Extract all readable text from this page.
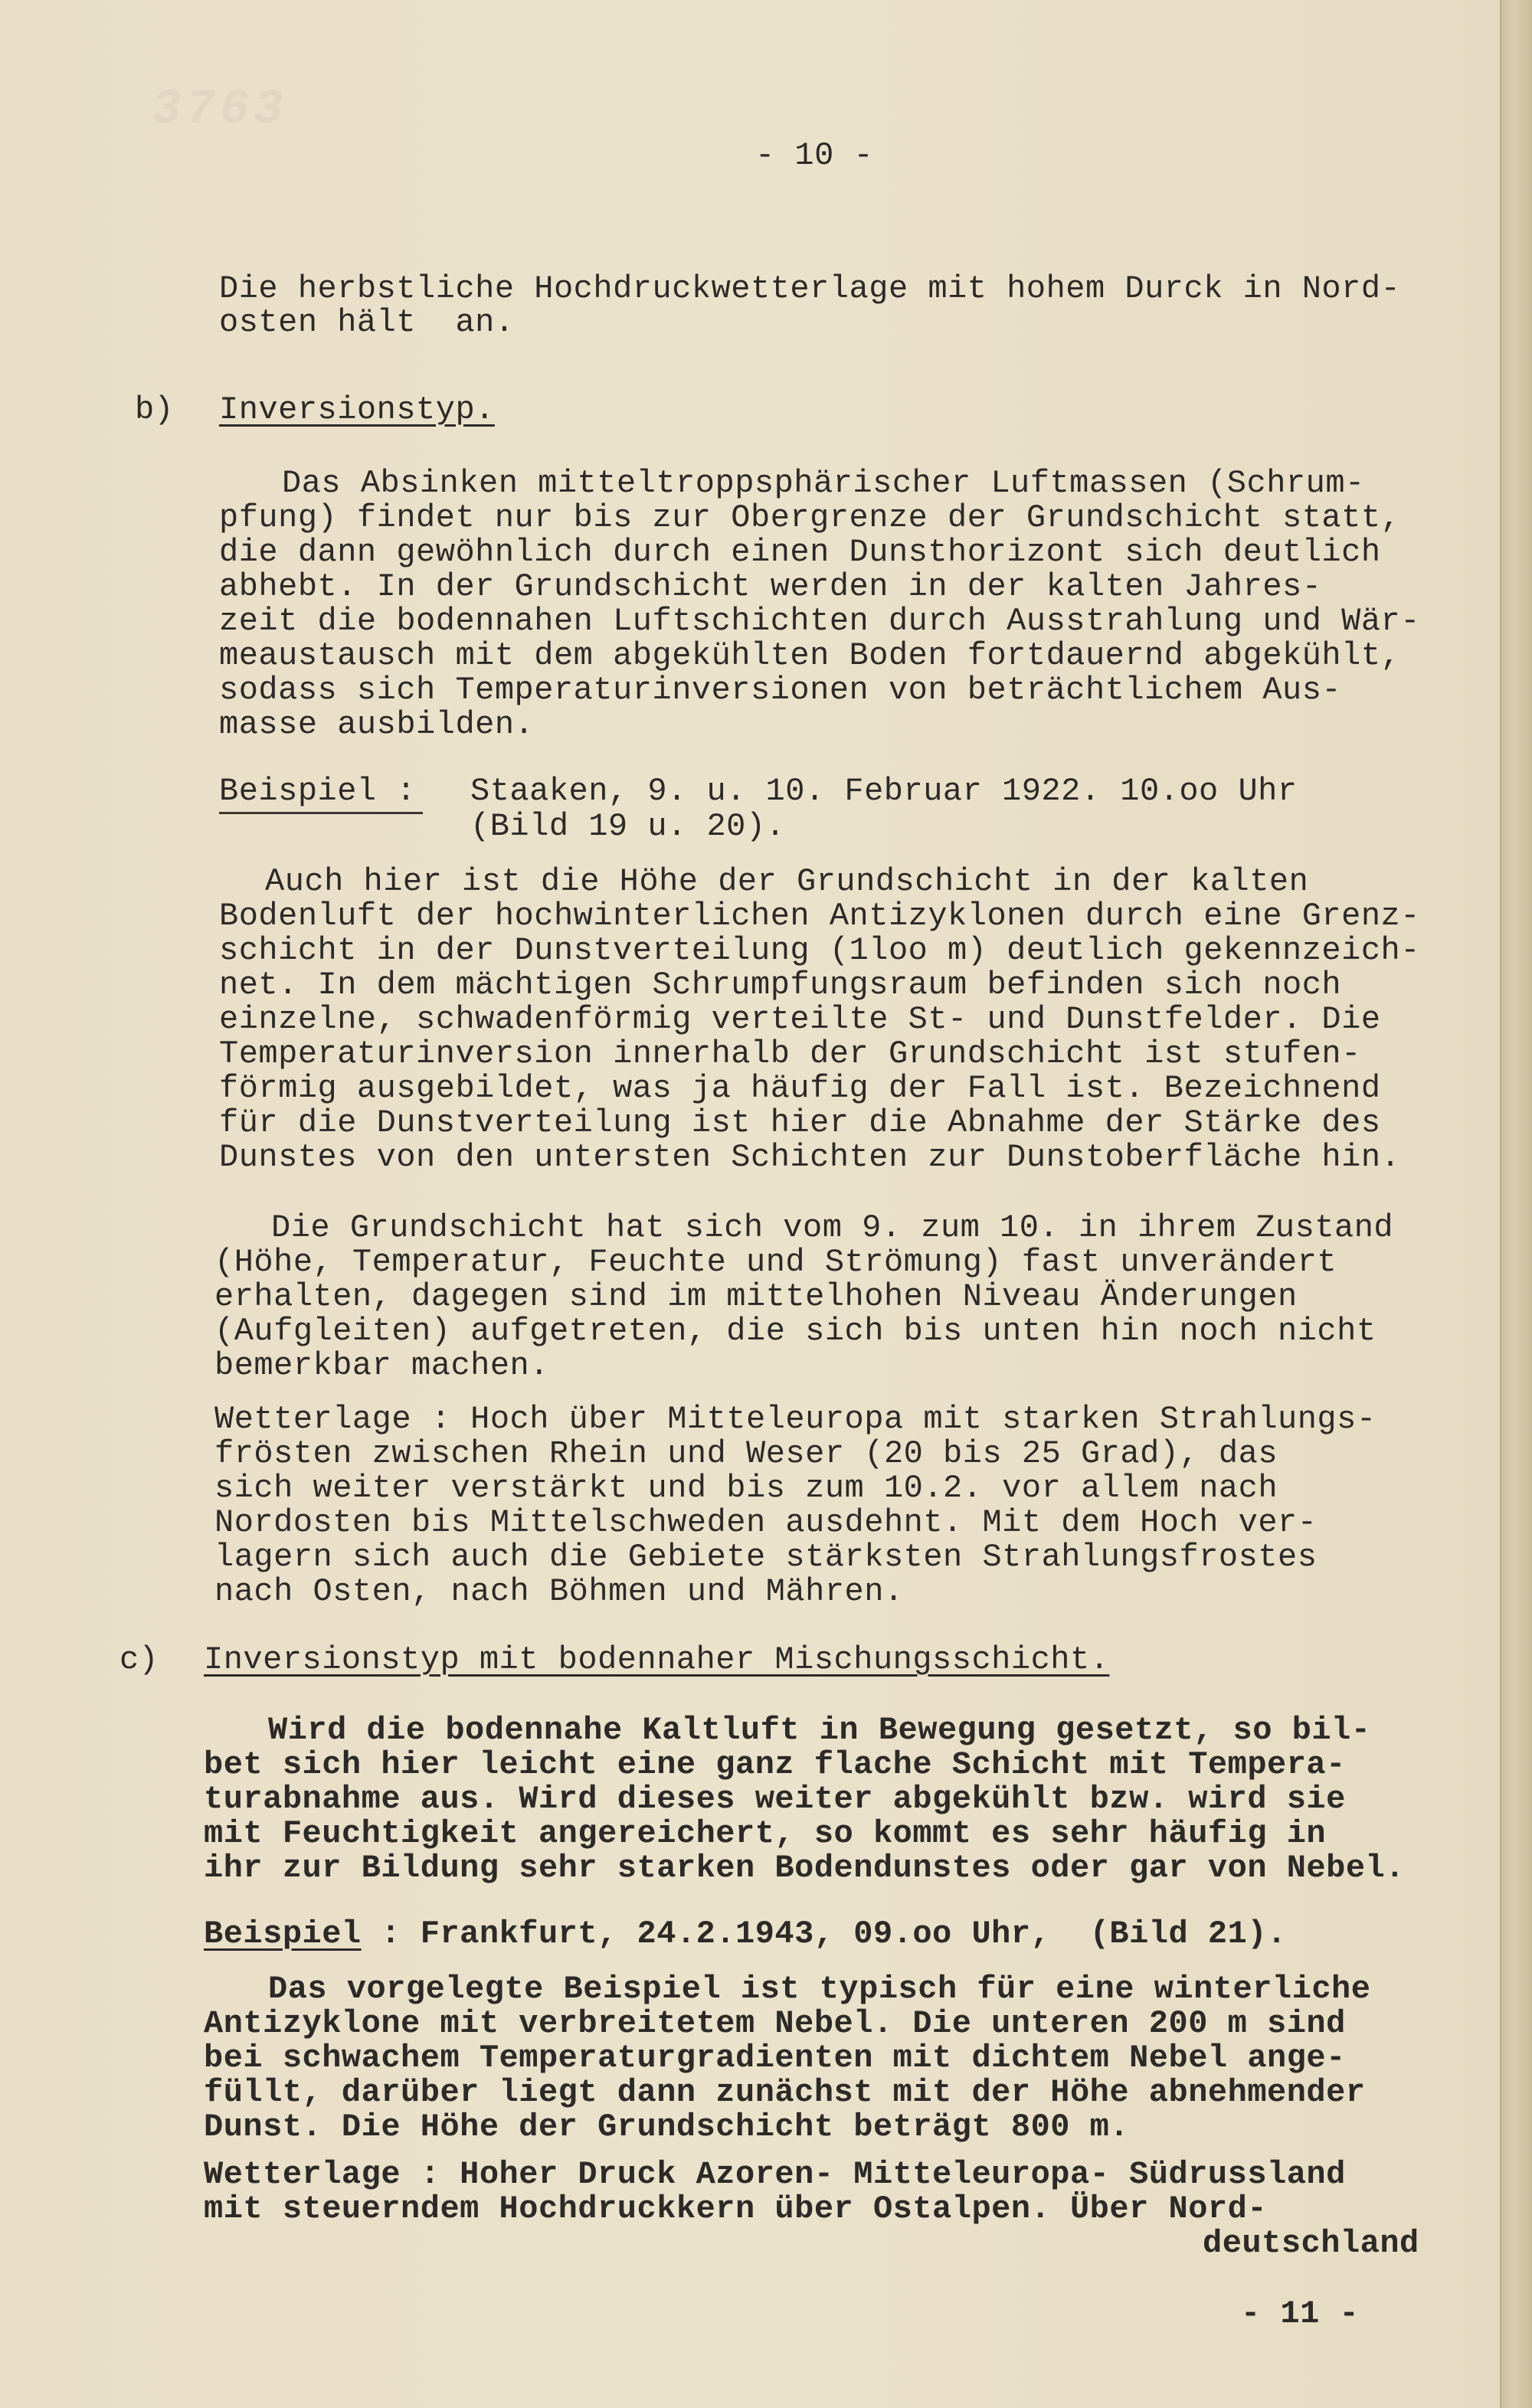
3763
- 10 -
Die herbstliche Hochdruckwetterlage mit hohem Durck in Nord-
osten hält  an.
b) Inversionstyp.
Das Absinken mitteltroppsphärischer Luftmassen (Schrum-
pfung) findet nur bis zur Obergrenze der Grundschicht statt,
die dann gewöhnlich durch einen Dunsthorizont sich deutlich
abhebt. In der Grundschicht werden in der kalten Jahres-
zeit die bodennahen Luftschichten durch Ausstrahlung und Wär-
meaustausch mit dem abgekühlten Boden fortdauernd abgekühlt,
sodass sich Temperaturinversionen von beträchtlichem Aus-
masse ausbilden.
Beispiel : Staaken, 9. u. 10. Februar 1922. 10.oo Uhr
(Bild 19 u. 20).
Auch hier ist die Höhe der Grundschicht in der kalten
Bodenluft der hochwinterlichen Antizyklonen durch eine Grenz-
schicht in der Dunstverteilung (1loo m) deutlich gekennzeich-
net. In dem mächtigen Schrumpfungsraum befinden sich noch
einzelne, schwadenförmig verteilte St- und Dunstfelder. Die
Temperaturinversion innerhalb der Grundschicht ist stufen-
förmig ausgebildet, was ja häufig der Fall ist. Bezeichnend
für die Dunstverteilung ist hier die Abnahme der Stärke des
Dunstes von den untersten Schichten zur Dunstoberfläche hin.
Die Grundschicht hat sich vom 9. zum 10. in ihrem Zustand
(Höhe, Temperatur, Feuchte und Strömung) fast unverändert
erhalten, dagegen sind im mittelhohen Niveau Änderungen
(Aufgleiten) aufgetreten, die sich bis unten hin noch nicht
bemerkbar machen.
Wetterlage : Hoch über Mitteleuropa mit starken Strahlungs-
frösten zwischen Rhein und Weser (20 bis 25 Grad), das
sich weiter verstärkt und bis zum 10.2. vor allem nach
Nordosten bis Mittelschweden ausdehnt. Mit dem Hoch ver-
lagern sich auch die Gebiete stärksten Strahlungsfrostes
nach Osten, nach Böhmen und Mähren.
c) Inversionstyp mit bodennaher Mischungsschicht.
Wird die bodennahe Kaltluft in Bewegung gesetzt, so bil-
bet sich hier leicht eine ganz flache Schicht mit Tempera-
turabnahme aus. Wird dieses weiter abgekühlt bzw. wird sie
mit Feuchtigkeit angereichert, so kommt es sehr häufig in
ihr zur Bildung sehr starken Bodendunstes oder gar von Nebel.
Beispiel : Frankfurt, 24.2.1943, 09.oo Uhr,  (Bild 21).
Das vorgelegte Beispiel ist typisch für eine winterliche
Antizyklone mit verbreitetem Nebel. Die unteren 200 m sind
bei schwachem Temperaturgradienten mit dichtem Nebel ange-
füllt, darüber liegt dann zunächst mit der Höhe abnehmender
Dunst. Die Höhe der Grundschicht beträgt 800 m.
Wetterlage : Hoher Druck Azoren- Mitteleuropa- Südrussland
mit steuerndem Hochdruckkern über Ostalpen. Über Nord-
deutschland
- 11 -
